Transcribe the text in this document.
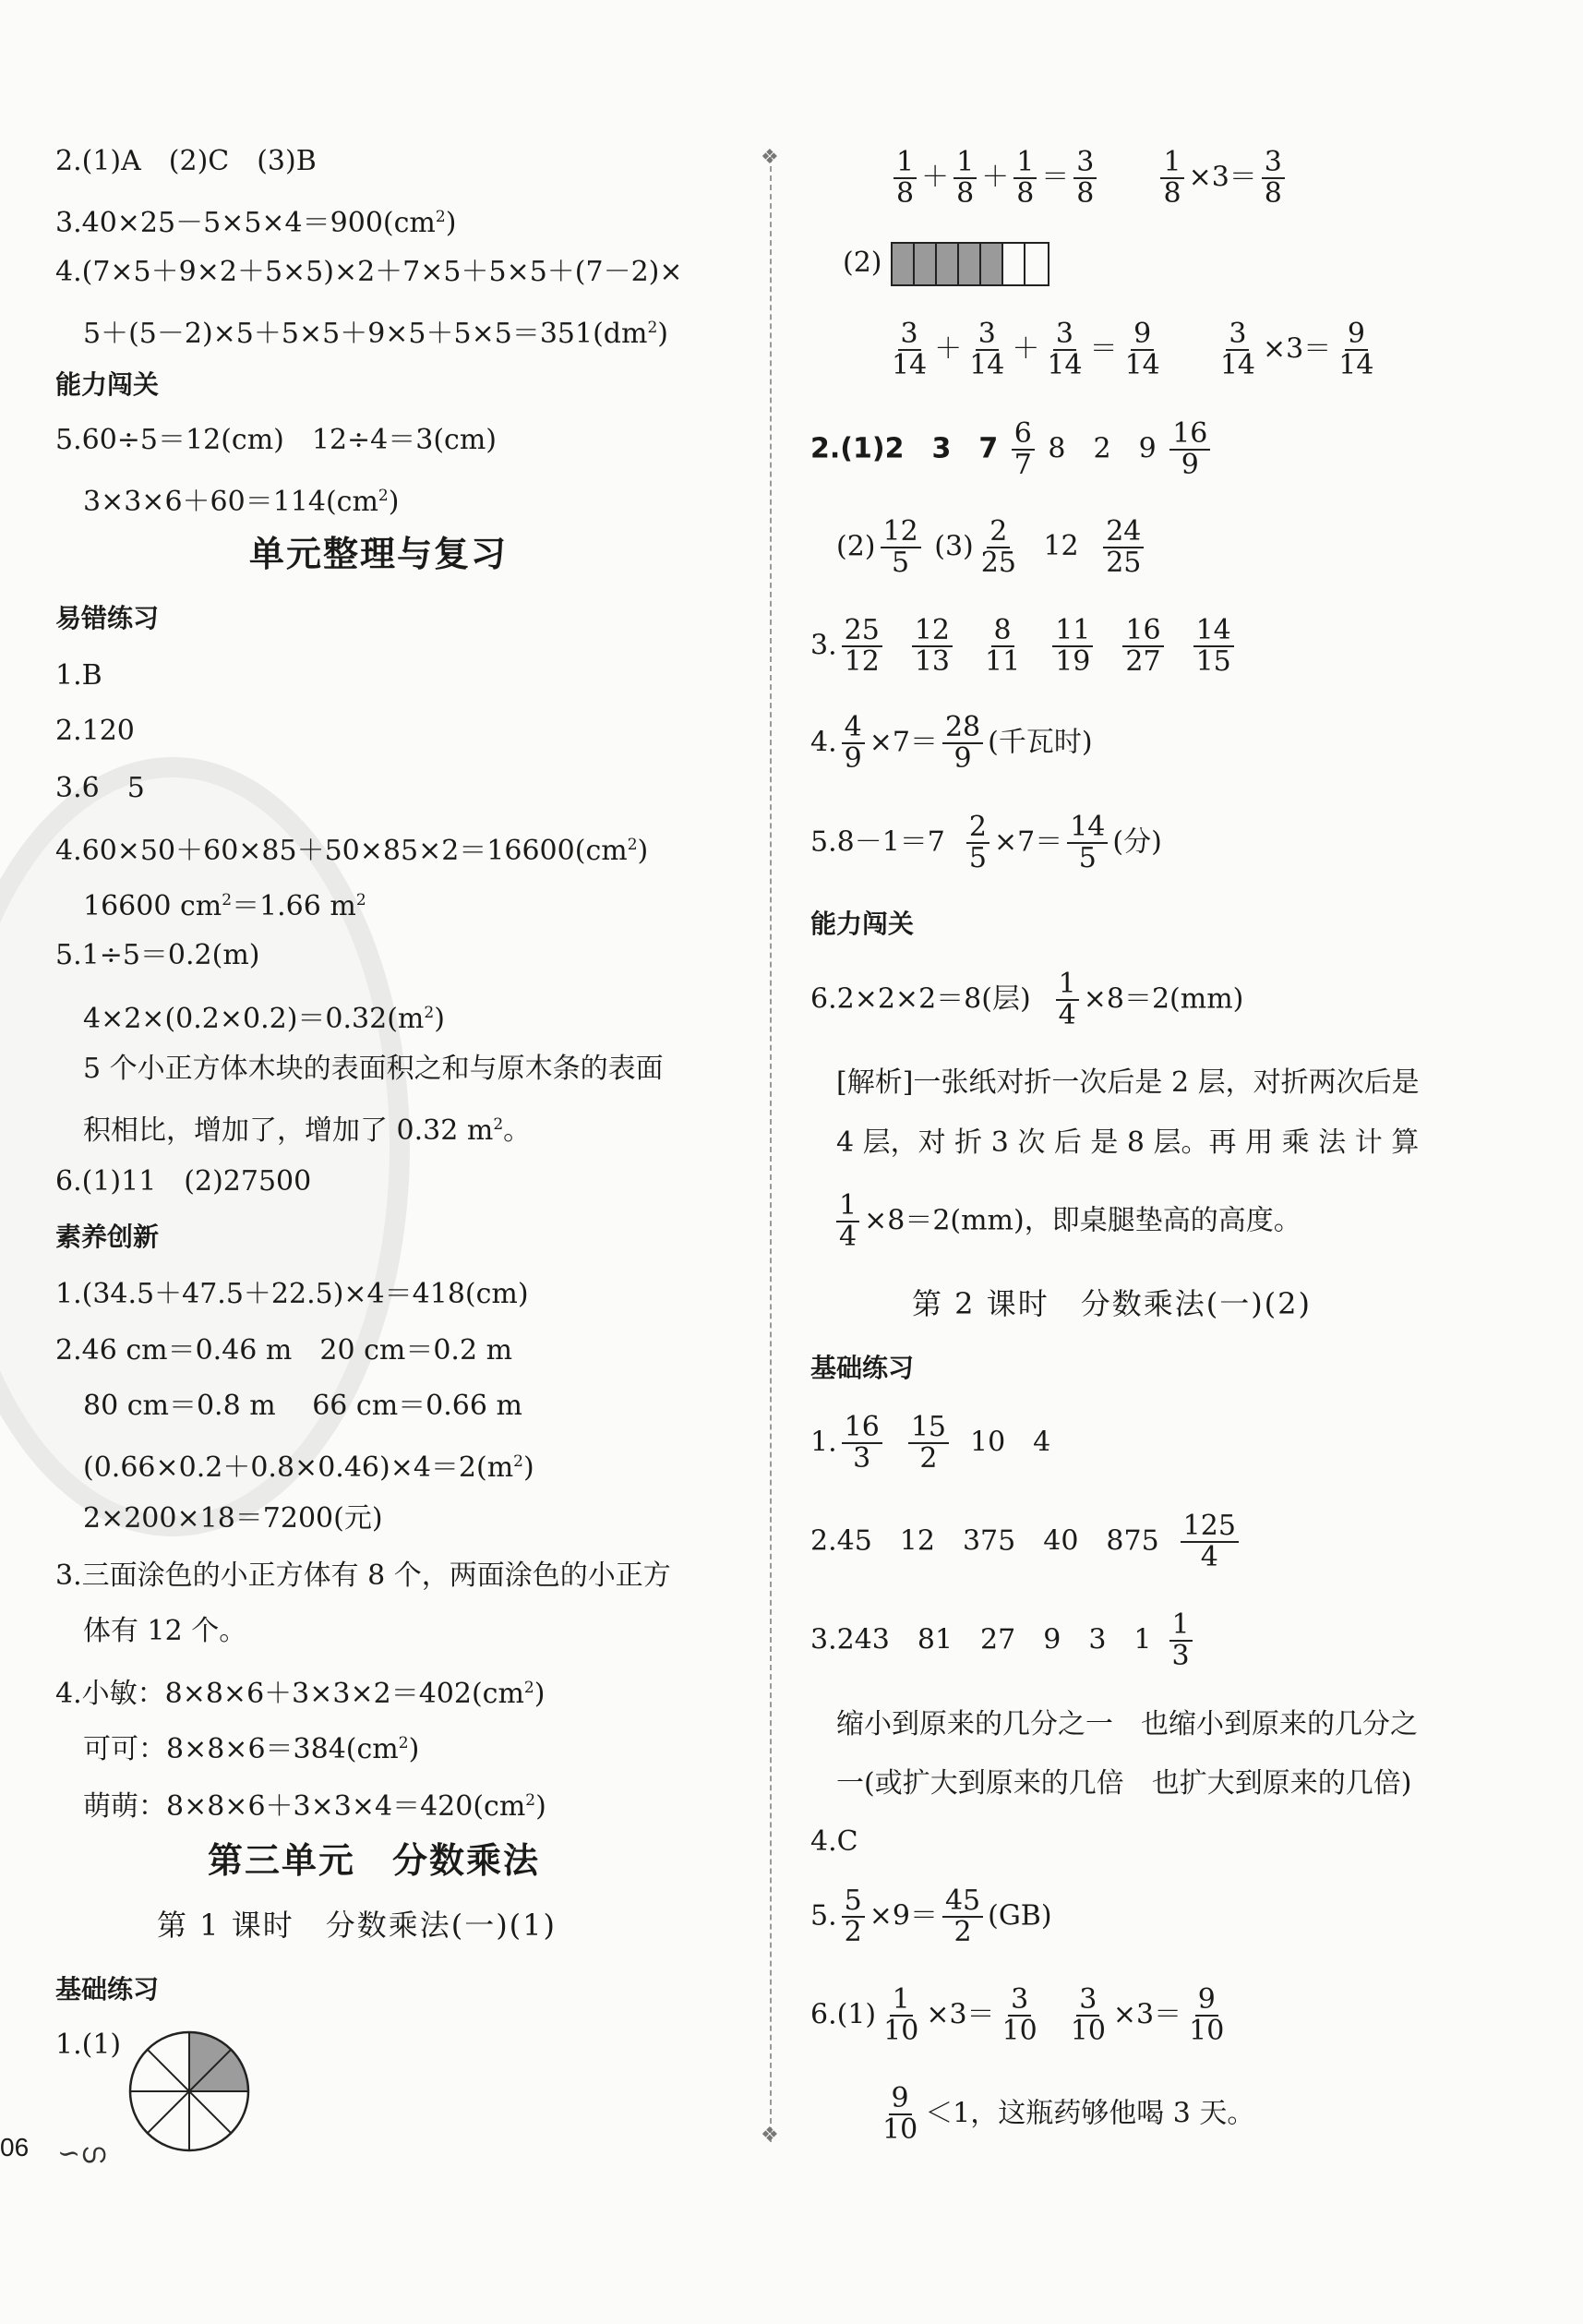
❖
❖
2.(1)A　(2)C　(3)B
$3.40\times 25-5\times 5\times 4=900(cm^2)$
4.(7×5＋9×2＋5×5)×2＋7×5＋5×5＋(7－2)×
$5+(5-2)\times 5+5\times 5+9\times 5+5\times 5=351(dm^2)$
能力闯关
5.60÷5＝12(cm)　12÷4＝3(cm)
$3\times 3\times 6+60=114(cm^2)$
单元整理与复习
易错练习
1.B
2.120
3.6　5
$4.60\times 50+60\times 85+50\times 85\times 2=16600(cm^2)$
16600 $cm^2=1.66$ $m^2$
5.1÷5＝0.2(m)
$4\times 2\times(0.2\times 0.2)=0.32(m^2)$
5 个小正方体木块的表面积之和与原木条的表面
积相比，增加了，增加了 0.32 $m^2$。
6.(1)11　(2)27500
素养创新
1.(34.5＋47.5＋22.5)×4＝418(cm)
2.46 cm＝0.46 m　20 cm＝0.2 m
80 cm＝0.8 m　 66 cm＝0.66 m
$(0.66\times 0.2+0.8\times 0.46)\times 4=2(m^2)$
2×200×18＝7200(元)
3.三面涂色的小正方体有 8 个，两面涂色的小正方
体有 12 个。
4.小敏：$8\times 8\times 6+3\times 3\times 2=402(cm^2)$
可可：$8\times 8\times 6=384(cm^2)$
萌萌：$8\times 8\times 6+3\times 3\times 4=420(cm^2)$
第三单元　分数乘法
第 1 课时　分数乘法(一)(1)
基础练习
1.(1)
06 ∽ഗ
$\frac{1}{8} + \frac{1}{8} + \frac{1}{8} = \frac{3}{8}$
$\frac{1}{8} \times 3= \frac{3}{8}$
(2)
$\frac{3}{14} + \frac{3}{14} + \frac{3}{14} = \frac{9}{14}$
$\frac{3}{14} \times 3= \frac{9}{14}$
2.(1)2　3　$7 \frac{6}{7} 8$　2　$9 \frac{16}{9}$
$(2) \frac{12}{5} (3) \frac{2}{25} 12 \frac{24}{25}$
3. $\frac{25}{12} \frac{12}{13} \frac{8}{11} \frac{11}{19} \frac{16}{27} \frac{14}{15}$
4. $\frac{4}{9} \times 7= \frac{28}{9}$ (千瓦时)
$5.8-1=7 \frac{2}{5} \times 7= \frac{14}{5}$ (分)
能力闯关
6.2×2×2＝8(层) $\frac{1}{4} \times 8=2(mm)$
[解析]一张纸对折一次后是 2 层，对折两次后是
4 层，对 折 3 次 后 是 8 层。再 用 乘 法 计 算
$\frac{1}{4} \times 8=2(mm)$，即桌腿垫高的高度。
第 2 课时　分数乘法(一)(2)
基础练习
1. $\frac{16}{3} \frac{15}{2} 10$　4
2.45　12　375　40　$875 \frac{125}{4}$
3.243　81　27　9　3　$1 \frac{1}{3}$
缩小到原来的几分之一　也缩小到原来的几分之
一(或扩大到原来的几倍　也扩大到原来的几倍)
4.C
5. $\frac{5}{2} \times 9= \frac{45}{2} (GB)$
$6.(1) \frac{1}{10} \times 3= \frac{3}{10} \frac{3}{10} \times 3= \frac{9}{10}$
$\frac{9}{10} <1$，这瓶药够他喝 3 天。
